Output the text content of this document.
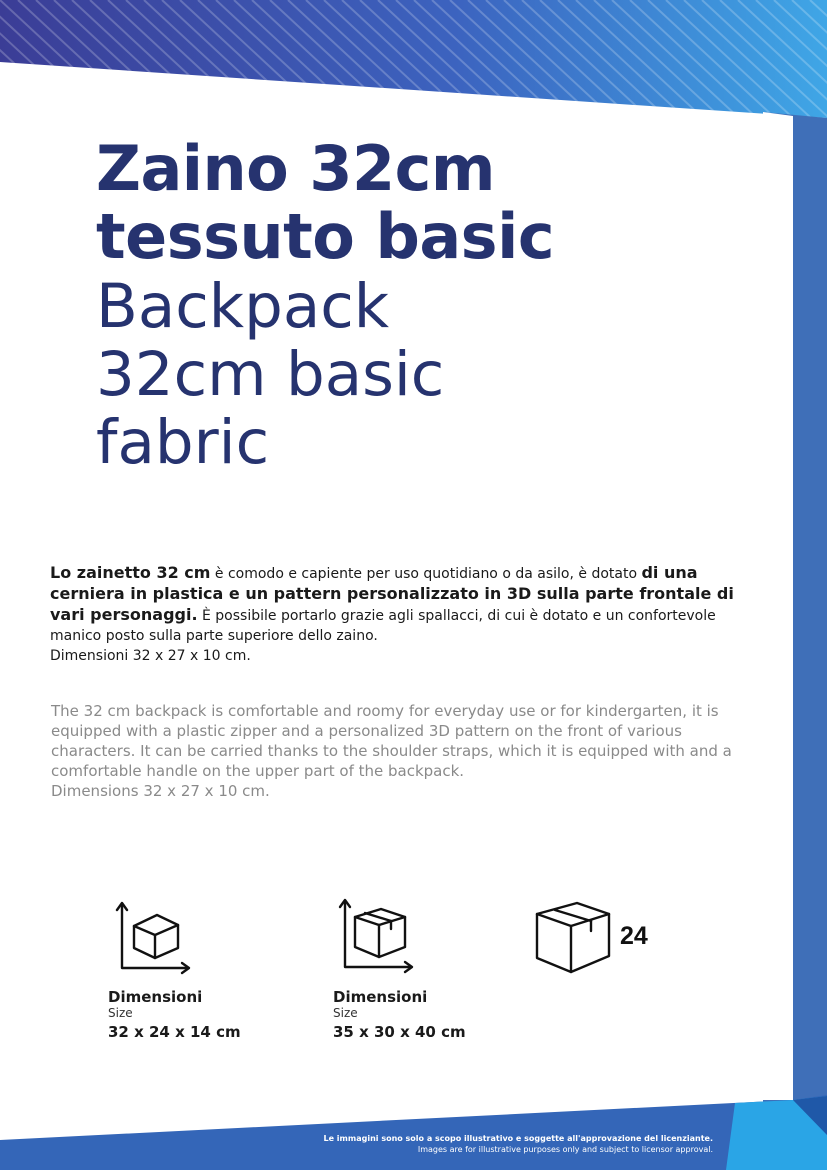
Zaini Backpack
Zaino 32cm
tessuto basic
Backpack
32cm basic
fabric
Lo zainetto 32 cm è comodo e capiente per uso quotidiano o da asilo, è dotato di una cerniera in plastica e un pattern personalizzato in 3D sulla parte frontale di vari personaggi. È possibile portarlo grazie agli spallacci, di cui è dotato e un confortevole manico posto sulla parte superiore dello zaino.
Dimensioni 32 x 27 x 10 cm.
The 32 cm backpack is comfortable and roomy for everyday use or for kindergarten, it is equipped with a plastic zipper and a personalized 3D pattern on the front of various characters. It can be carried thanks to the shoulder straps, which it is equipped with and a comfortable handle on the upper part of the backpack.
Dimensions 32 x 27 x 10 cm.
24
Dimensioni
Size
32 x 24 x 14 cm
Dimensioni
Size
35 x 30 x 40 cm
Le immagini sono solo a scopo illustrativo e soggette all'approvazione del licenziante.
Images are for illustrative purposes only and subject to licensor approval.
